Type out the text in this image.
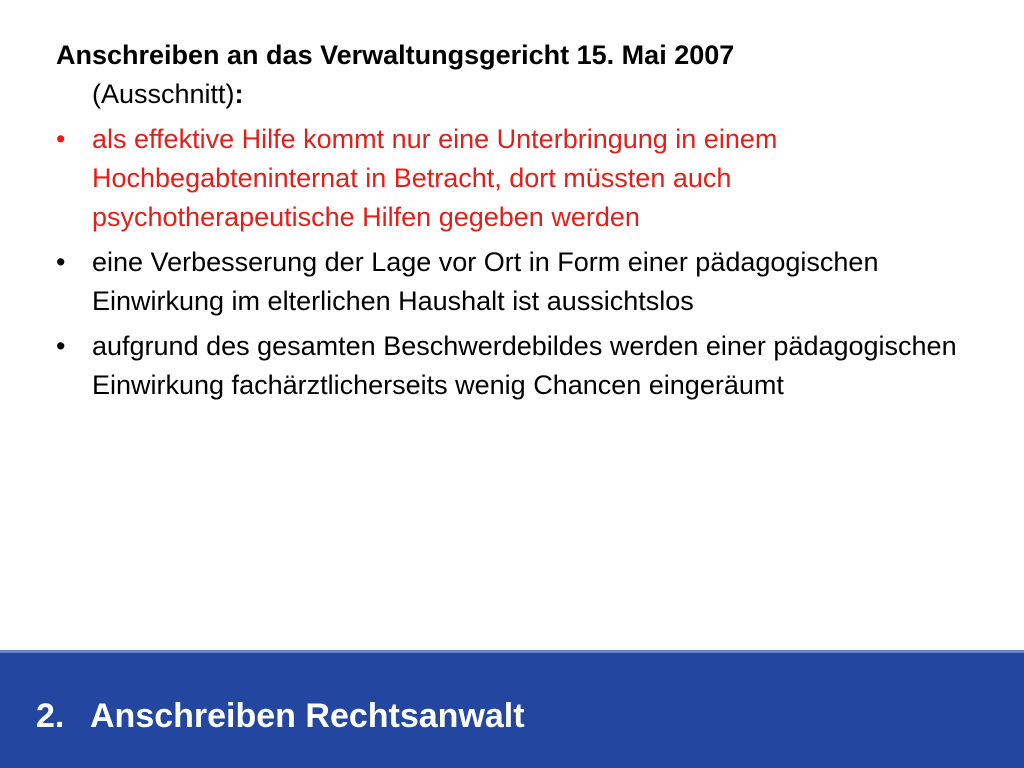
Anschreiben an das Verwaltungsgericht 15. Mai 2007
(Ausschnitt):
• als effektive Hilfe kommt nur eine Unterbringung in einem Hochbegabteninternat in Betracht, dort müssten auch psychotherapeutische Hilfen gegeben werden
• eine Verbesserung der Lage vor Ort in Form einer pädagogischen Einwirkung im elterlichen Haushalt ist aussichtslos
• aufgrund des gesamten Beschwerdebildes werden einer pädagogischen Einwirkung fachärztlicherseits wenig Chancen eingeräumt
2. Anschreiben Rechtsanwalt
